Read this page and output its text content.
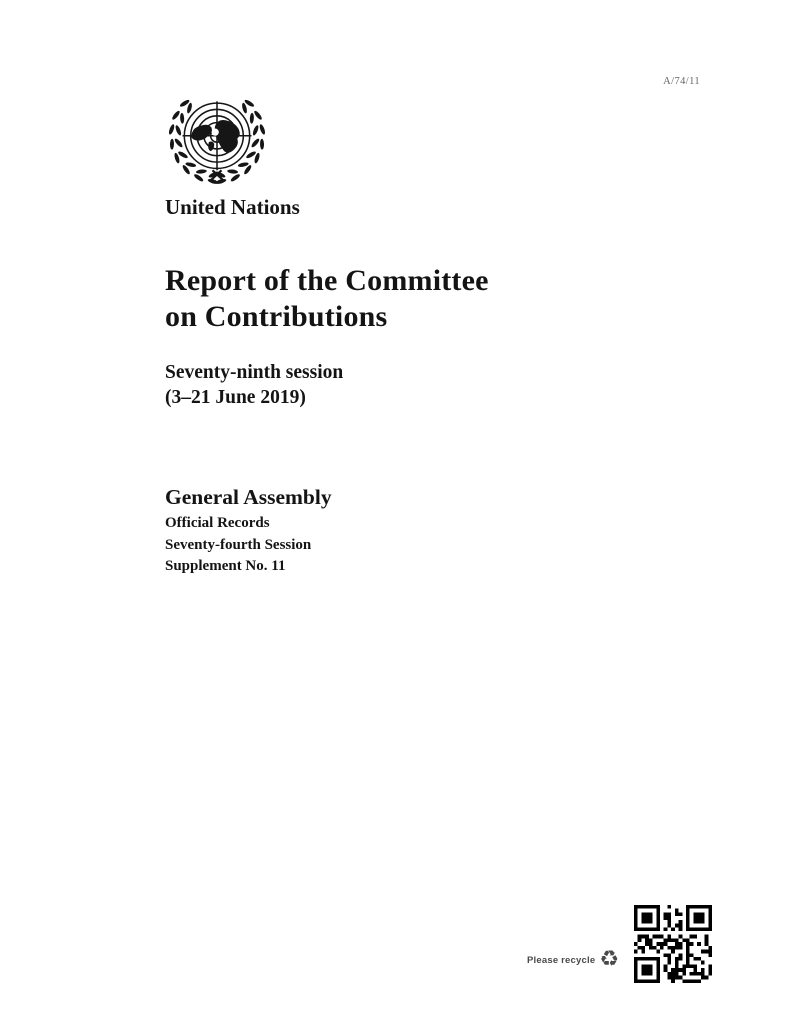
A/74/11
United Nations
Report of the Committee
on Contributions
Seventy-ninth session
(3–21 June 2019)
General Assembly
Official Records
Seventy-fourth Session
Supplement No. 11
Please recycle ♻
